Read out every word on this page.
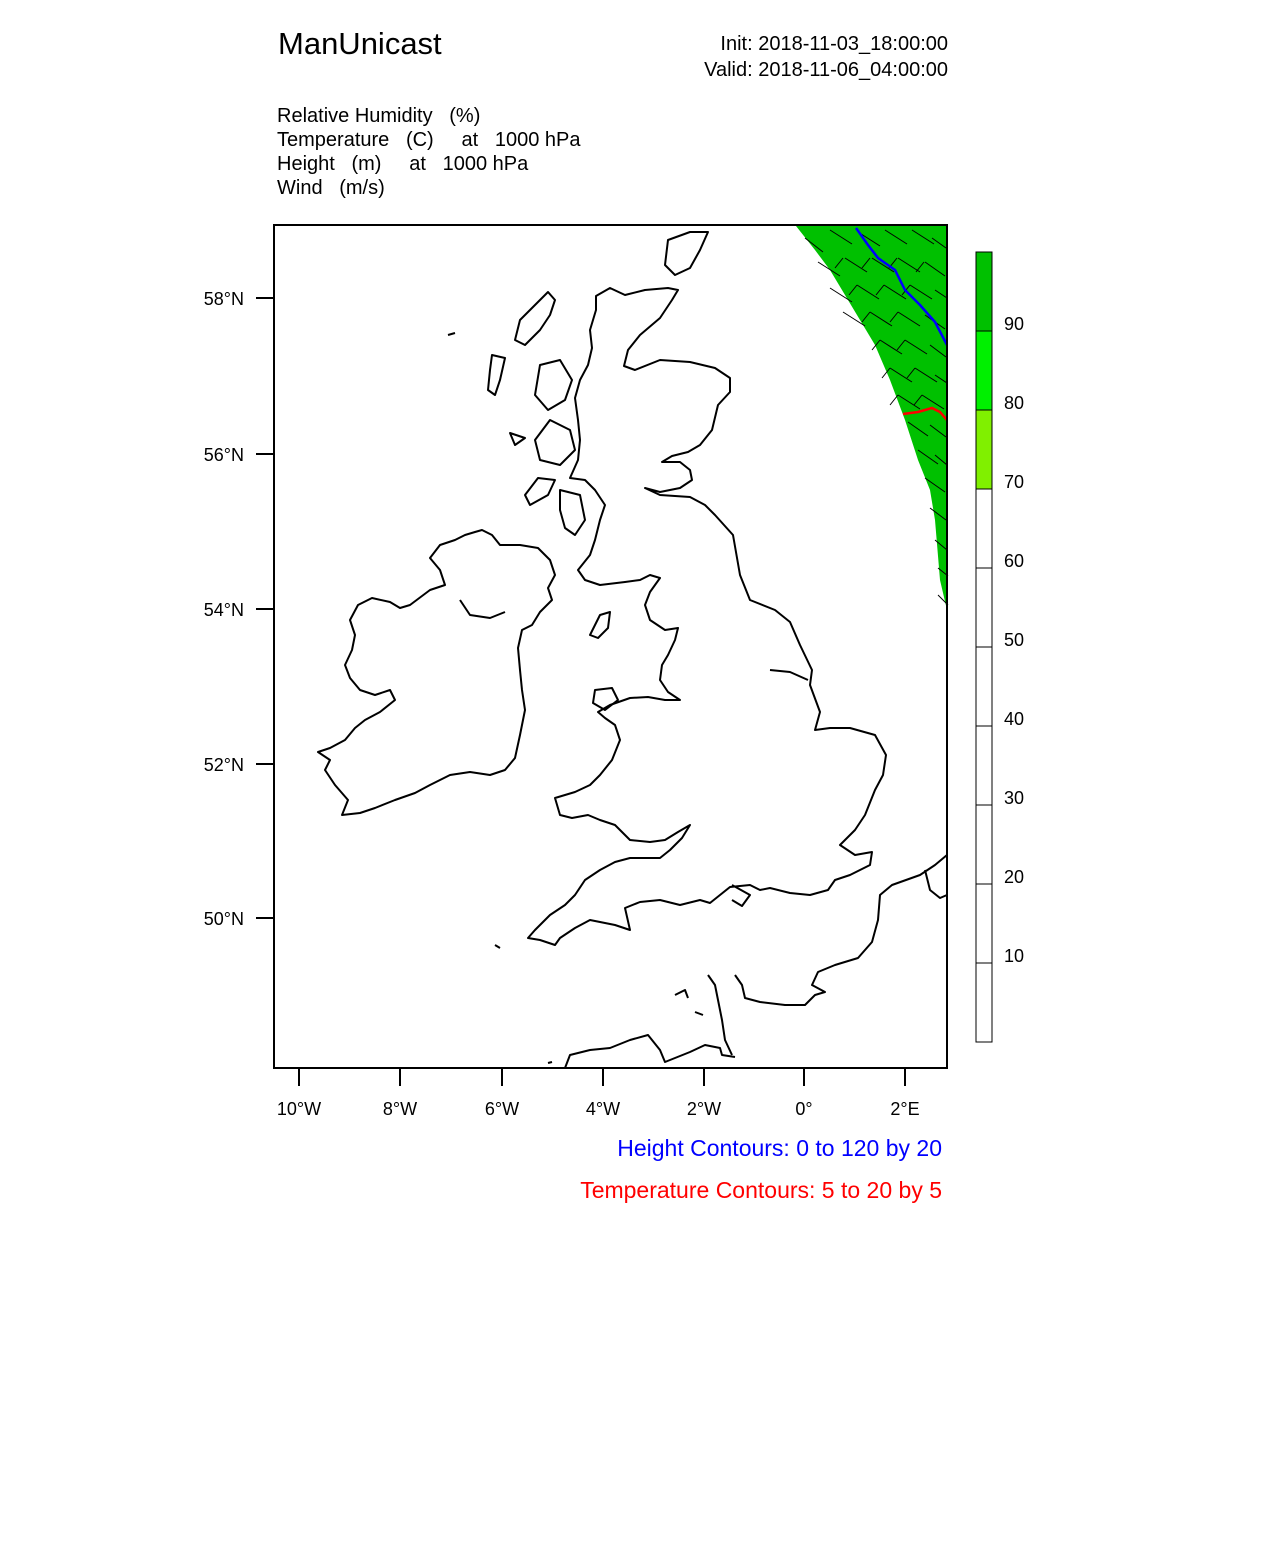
ManUnicast	Init: 2018-11-03_18:00:00
Valid: 2018-11-06_04:00:00
Relative Humidity   (%)
Temperature   (C)     at   1000 hPa
Height   (m)     at   1000 hPa
Wind   (m/s)
58°N
56°N
54°N
52°N
50°N
10°W	8°W	6°W	4°W	2°W	0°	2°E
90
80
70
60
50
40
30
20
10
Height Contours: 0 to 120 by 20
Temperature Contours: 5 to 20 by 5
